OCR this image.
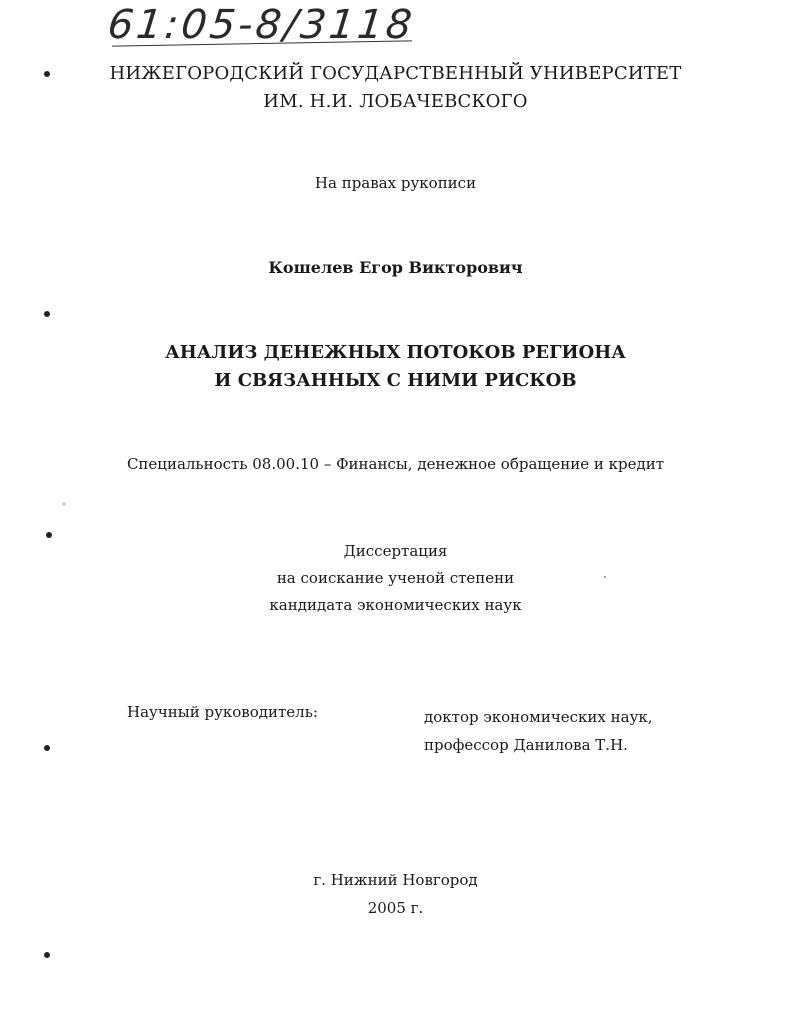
61:05-8/3118
НИЖЕГОРОДСКИЙ ГОСУДАРСТВЕННЫЙ УНИВЕРСИТЕТ
ИМ. Н.И. ЛОБАЧЕВСКОГО
На правах рукописи
Кошелев Егор Викторович
АНАЛИЗ ДЕНЕЖНЫХ ПОТОКОВ РЕГИОНА
И СВЯЗАННЫХ С НИМИ РИСКОВ
Специальность 08.00.10 – Финансы, денежное обращение и кредит
Диссертация
на соискание ученой степени
кандидата экономических наук
Научный руководитель:	доктор экономических наук,
профессор Данилова Т.Н.
г. Нижний Новгород
2005 г.
